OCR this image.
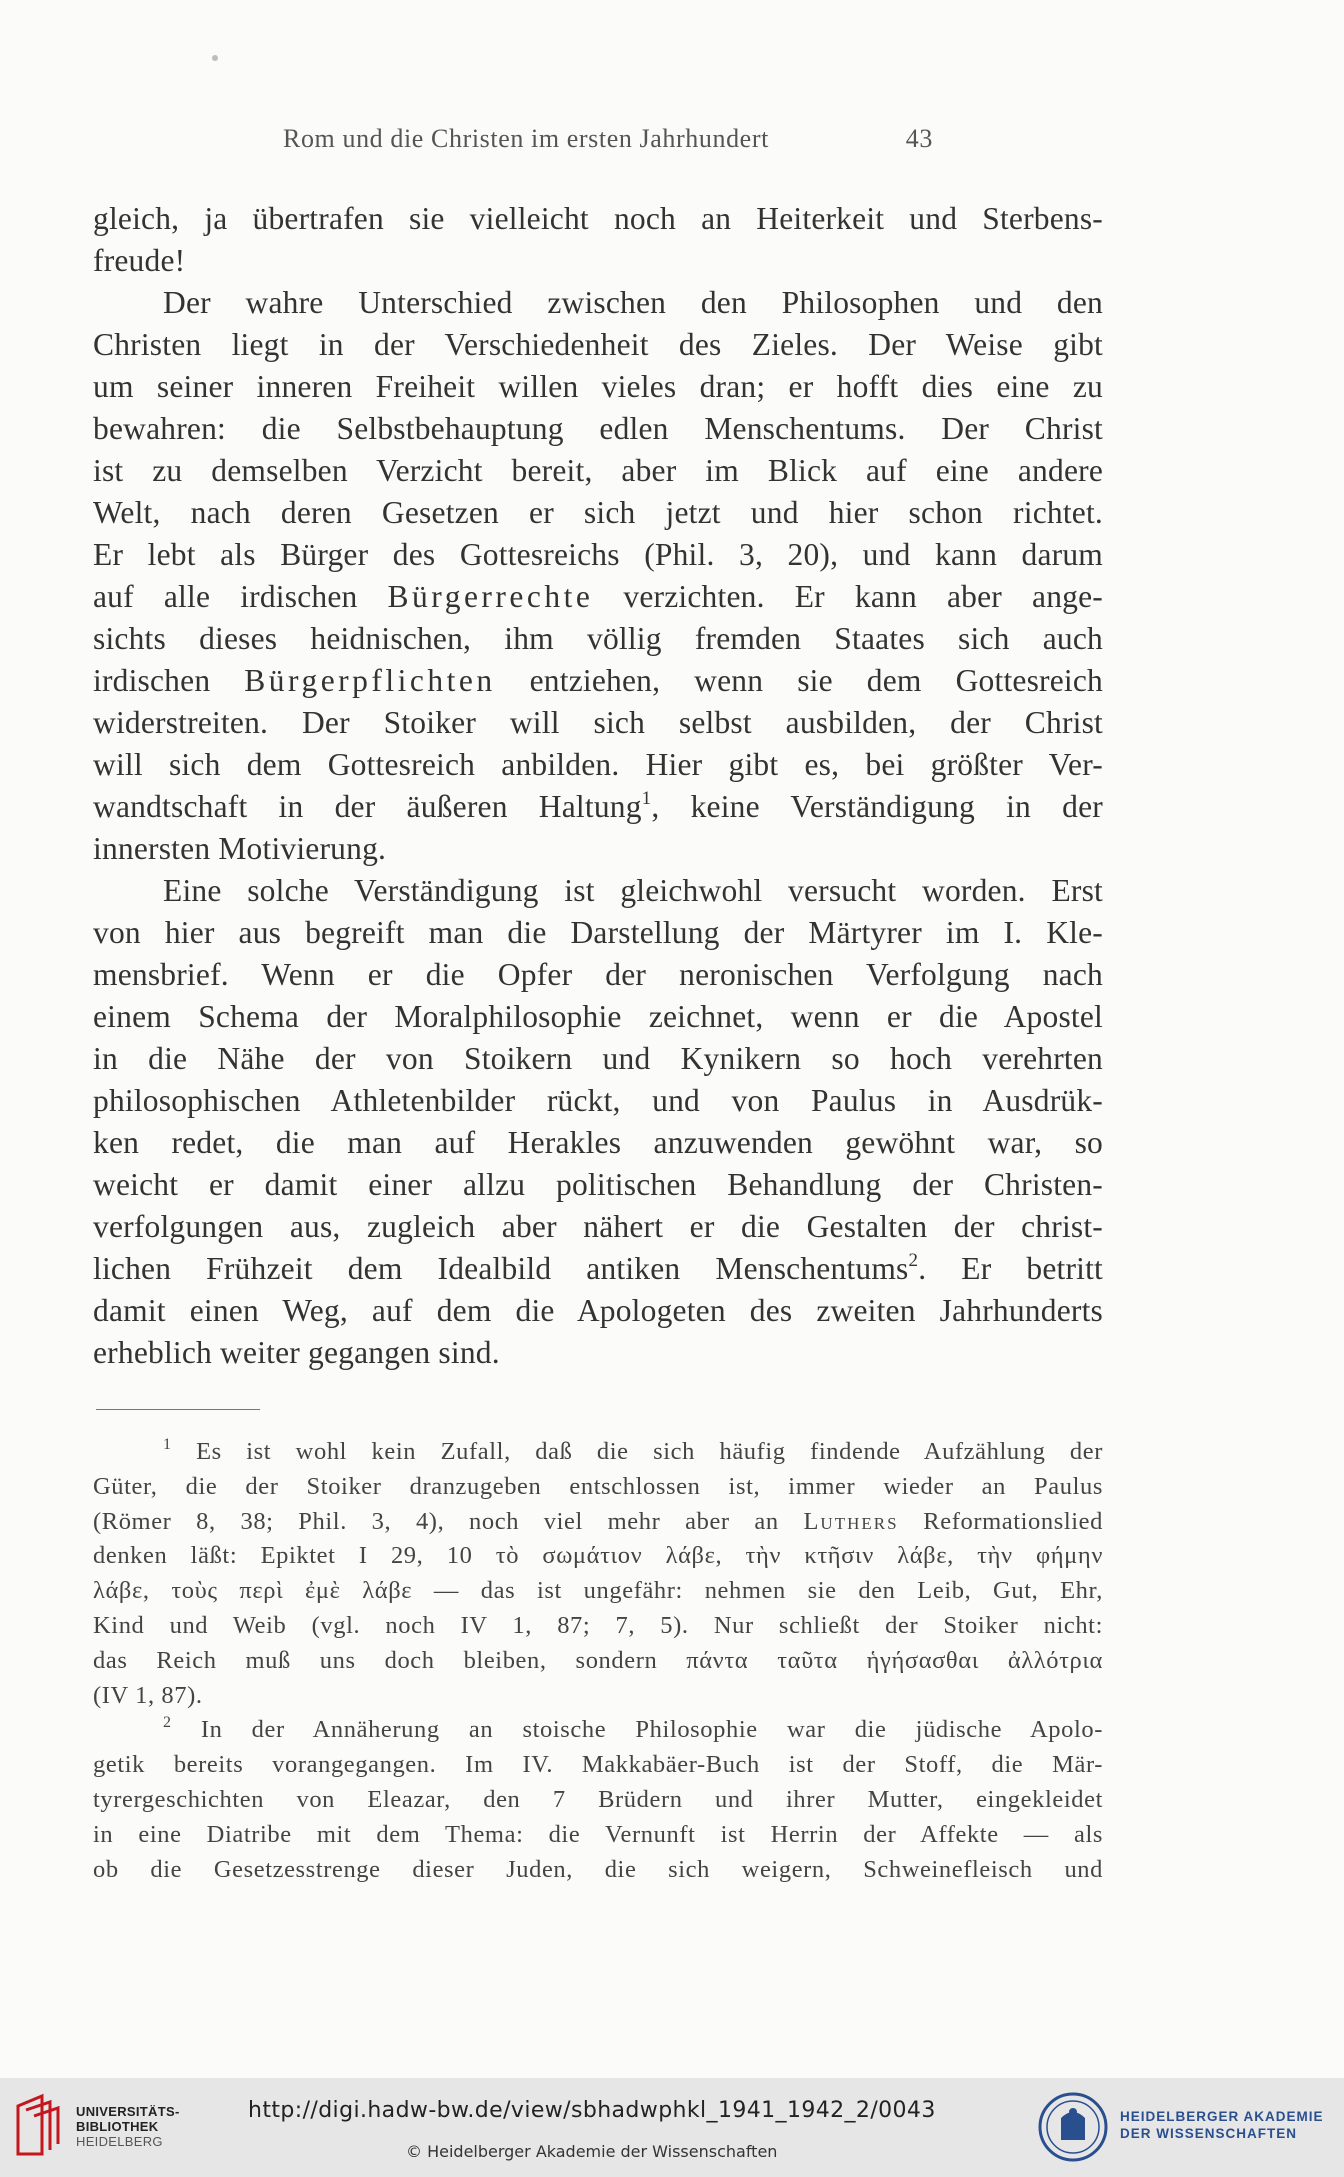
Rom und die Christen im ersten Jahrhundert	43

gleich, ja übertrafen sie vielleicht noch an Heiterkeit und Sterbens-
freude!

Der wahre Unterschied zwischen den Philosophen und den
Christen liegt in der Verschiedenheit des Zieles. Der Weise gibt
um seiner inneren Freiheit willen vieles dran; er hofft dies eine zu
bewahren: die Selbstbehauptung edlen Menschentums. Der Christ
ist zu demselben Verzicht bereit, aber im Blick auf eine andere
Welt, nach deren Gesetzen er sich jetzt und hier schon richtet.
Er lebt als Bürger des Gottesreichs (Phil. 3, 20), und kann darum
auf alle irdischen Bürgerrechte verzichten. Er kann aber ange-
sichts dieses heidnischen, ihm völlig fremden Staates sich auch
irdischen Bürgerpflichten entziehen, wenn sie dem Gottesreich
widerstreiten. Der Stoiker will sich selbst ausbilden, der Christ
will sich dem Gottesreich anbilden. Hier gibt es, bei größter Ver-
wandtschaft in der äußeren Haltung$^1$, keine Verständigung in der
innersten Motivierung.

Eine solche Verständigung ist gleichwohl versucht worden. Erst
von hier aus begreift man die Darstellung der Märtyrer im I. Kle-
mensbrief. Wenn er die Opfer der neronischen Verfolgung nach
einem Schema der Moralphilosophie zeichnet, wenn er die Apostel
in die Nähe der von Stoikern und Kynikern so hoch verehrten
philosophischen Athletenbilder rückt, und von Paulus in Ausdrük-
ken redet, die man auf Herakles anzuwenden gewöhnt war, so
weicht er damit einer allzu politischen Behandlung der Christen-
verfolgungen aus, zugleich aber nähert er die Gestalten der christ-
lichen Frühzeit dem Idealbild antiken Menschentums$^2$. Er betritt
damit einen Weg, auf dem die Apologeten des zweiten Jahrhunderts
erheblich weiter gegangen sind.

$^1$ Es ist wohl kein Zufall, daß die sich häufig findende Aufzählung der
Güter, die der Stoiker dranzugeben entschlossen ist, immer wieder an Paulus
(Römer 8, 38; Phil. 3, 4), noch viel mehr aber an Luthers Reformationslied
denken läßt: Epiktet I 29, 10 τὸ σωμάτιον λάβε, τὴν κτῆσιν λάβε, τὴν φήμην
λάβε, τοὺς περὶ ἐμὲ λάβε — das ist ungefähr: nehmen sie den Leib, Gut, Ehr,
Kind und Weib (vgl. noch IV 1, 87; 7, 5). Nur schließt der Stoiker nicht:
das Reich muß uns doch bleiben, sondern πάντα ταῦτα ἡγήσασθαι ἀλλότρια
(IV 1, 87).

$^2$ In der Annäherung an stoische Philosophie war die jüdische Apolo-
getik bereits vorangegangen. Im IV. Makkabäer-Buch ist der Stoff, die Mär-
tyrergeschichten von Eleazar, den 7 Brüdern und ihrer Mutter, eingekleidet
in eine Diatribe mit dem Thema: die Vernunft ist Herrin der Affekte — als
ob die Gesetzesstrenge dieser Juden, die sich weigern, Schweinefleisch und

UNIVERSITÄTS-
BIBLIOTHEK
HEIDELBERG
http://digi.hadw-bw.de/view/sbhadwphkl_1941_1942_2/0043
© Heidelberger Akademie der Wissenschaften
HEIDELBERGER AKADEMIE
DER WISSENSCHAFTEN
